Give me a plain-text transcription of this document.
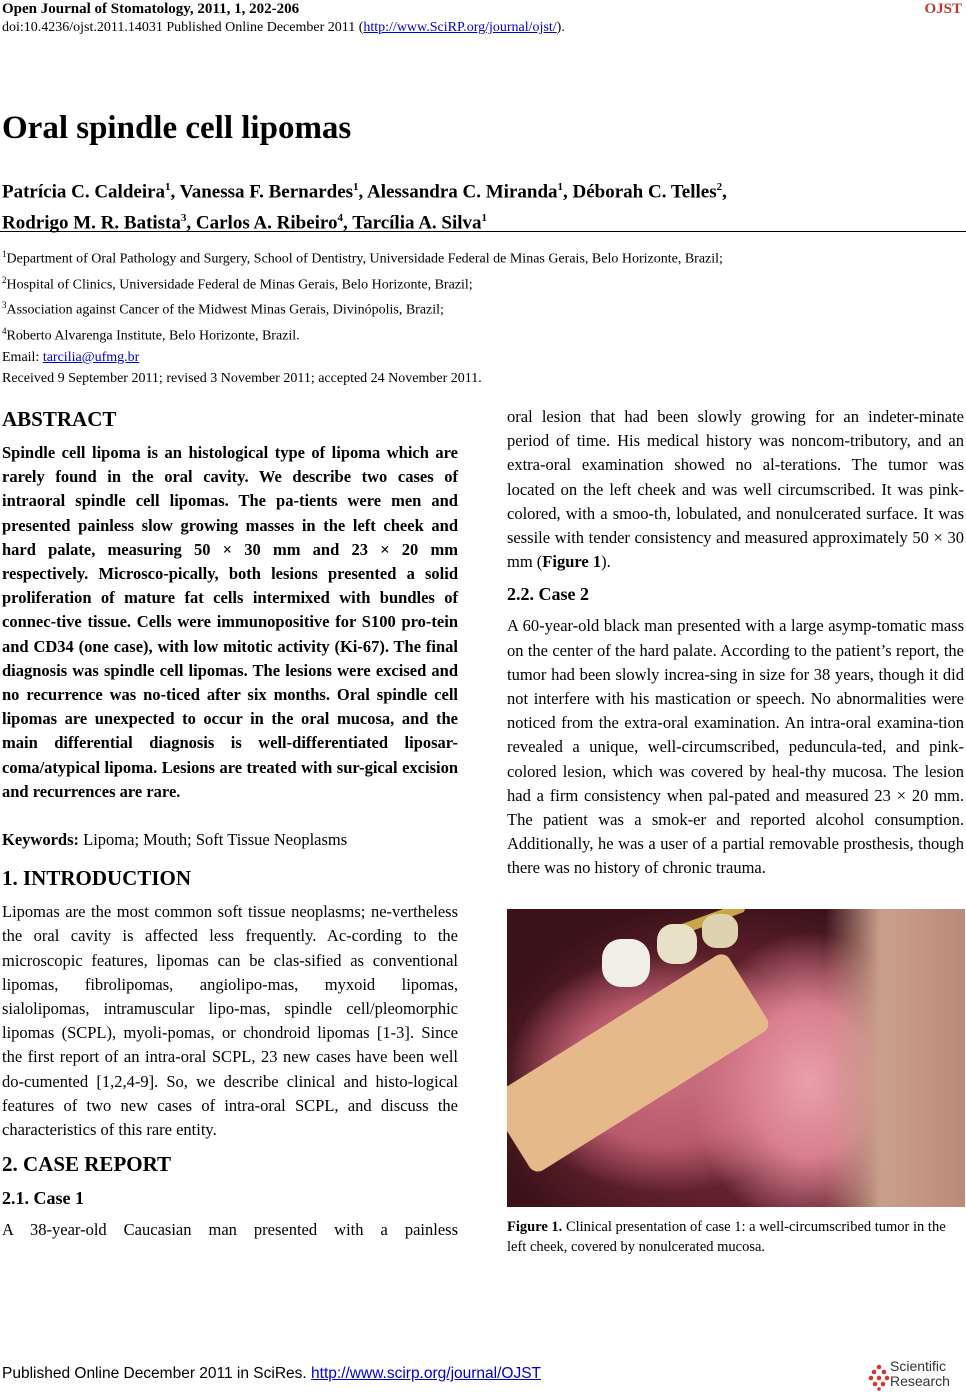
Open Journal of Stomatology, 2011, 1, 202-206	OJST
doi:10.4236/ojst.2011.14031 Published Online December 2011 (http://www.SciRP.org/journal/ojst/).
Oral spindle cell lipomas
Patrícia C. Caldeira$^1$, Vanessa F. Bernardes$^1$, Alessandra C. Miranda$^1$, Déborah C. Telles$^2$,
Rodrigo M. R. Batista$^3$, Carlos A. Ribeiro$^4$, Tarcília A. Silva$^1$
$^1$Department of Oral Pathology and Surgery, School of Dentistry, Universidade Federal de Minas Gerais, Belo Horizonte, Brazil;
$^2$Hospital of Clinics, Universidade Federal de Minas Gerais, Belo Horizonte, Brazil;
$^3$Association against Cancer of the Midwest Minas Gerais, Divinópolis, Brazil;
$^4$Roberto Alvarenga Institute, Belo Horizonte, Brazil.
Email: tarcilia@ufmg.br
Received 9 September 2011; revised 3 November 2011; accepted 24 November 2011.
ABSTRACT

Spindle cell lipoma is an histological type of lipoma which are rarely found in the oral cavity. We describe two cases of intraoral spindle cell lipomas. The pa-tients were men and presented painless slow growing masses in the left cheek and hard palate, measuring 50 × 30 mm and 23 × 20 mm respectively. Microsco-pically, both lesions presented a solid proliferation of mature fat cells intermixed with bundles of connec-tive tissue. Cells were immunopositive for S100 pro-tein and CD34 (one case), with low mitotic activity (Ki-67). The final diagnosis was spindle cell lipomas. The lesions were excised and no recurrence was no-ticed after six months. Oral spindle cell lipomas are unexpected to occur in the oral mucosa, and the main differential diagnosis is well-differentiated liposar-coma/atypical lipoma. Lesions are treated with sur-gical excision and recurrences are rare.

Keywords: Lipoma; Mouth; Soft Tissue Neoplasms

1. INTRODUCTION

Lipomas are the most common soft tissue neoplasms; ne-vertheless the oral cavity is affected less frequently. Ac-cording to the microscopic features, lipomas can be clas-sified as conventional lipomas, fibrolipomas, angiolipo-mas, myxoid lipomas, sialolipomas, intramuscular lipo-mas, spindle cell/pleomorphic lipomas (SCPL), myoli-pomas, or chondroid lipomas [1-3]. Since the first report of an intra-oral SCPL, 23 new cases have been well do-cumented [1,2,4-9]. So, we describe clinical and histo-logical features of two new cases of intra-oral SCPL, and discuss the characteristics of this rare entity.

2. CASE REPORT
2.1. Case 1

A 38-year-old Caucasian man presented with a painless

oral lesion that had been slowly growing for an indeter-minate period of time. His medical history was noncom-tributory, and an extra-oral examination showed no al-terations. The tumor was located on the left cheek and was well circumscribed. It was pink-colored, with a smoo-th, lobulated, and nonulcerated surface. It was sessile with tender consistency and measured approximately 50 × 30 mm (Figure 1).

2.2. Case 2

A 60-year-old black man presented with a large asymp-tomatic mass on the center of the hard palate. According to the patient’s report, the tumor had been slowly increa-sing in size for 38 years, though it did not interfere with his mastication or speech. No abnormalities were noticed from the extra-oral examination. An intra-oral examina-tion revealed a unique, well-circumscribed, peduncula-ted, and pink-colored lesion, which was covered by heal-thy mucosa. The lesion had a firm consistency when pal-pated and measured 23 × 20 mm. The patient was a smok-er and reported alcohol consumption. Additionally, he was a user of a partial removable prosthesis, though there was no history of chronic trauma.

Figure 1. Clinical presentation of case 1: a well-circumscribed tumor in the left cheek, covered by nonulcerated mucosa.
Published Online December 2011 in SciRes. http://www.scirp.org/journal/OJST	Scientific
Research
